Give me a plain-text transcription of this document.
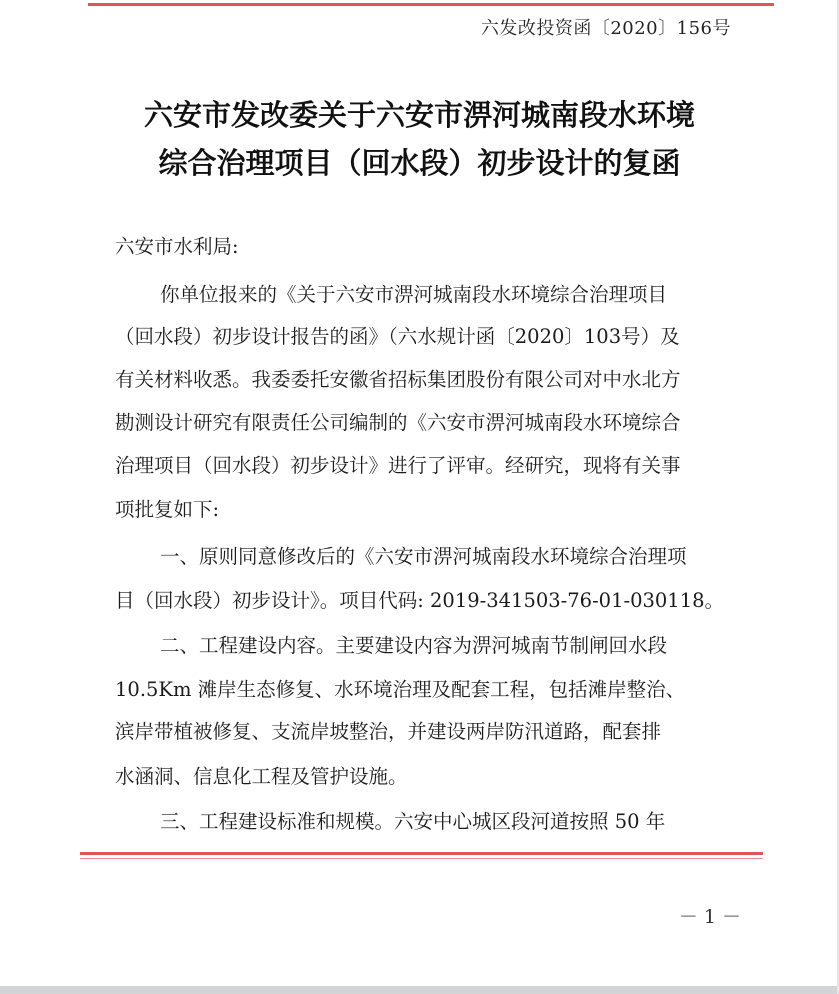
六发改投资函〔2020〕156号
六安市发改委关于六安市淠河城南段水环境
综合治理项目（回水段）初步设计的复函
六安市水利局:
你单位报来的《关于六安市淠河城南段水环境综合治理项目
（回水段）初步设计报告的函》（六水规计函〔2020〕103号）及
有关材料收悉。我委委托安徽省招标集团股份有限公司对中水北方
勘测设计研究有限责任公司编制的《六安市淠河城南段水环境综合
治理项目（回水段）初步设计》进行了评审。经研究，现将有关事
项批复如下:
一、原则同意修改后的《六安市淠河城南段水环境综合治理项
目（回水段）初步设计》。项目代码: 2019-341503-76-01-030118。
二、工程建设内容。主要建设内容为淠河城南节制闸回水段
10.5Km 滩岸生态修复、水环境治理及配套工程，包括滩岸整治、
滨岸带植被修复、支流岸坡整治，并建设两岸防汛道路，配套排
水涵洞、信息化工程及管护设施。
三、工程建设标准和规模。六安中心城区段河道按照 50 年
－ 1 －
